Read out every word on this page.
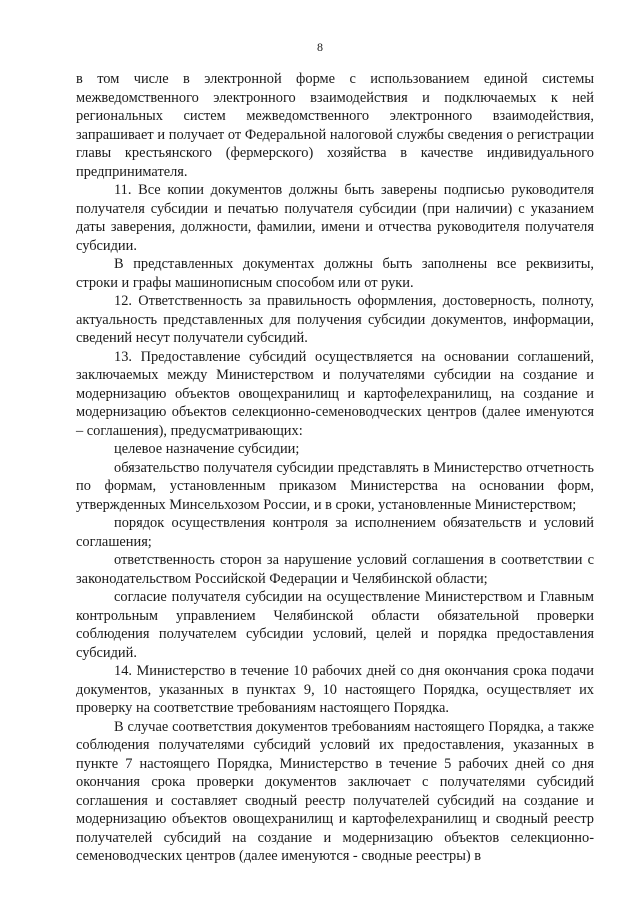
8

в том числе в электронной форме с использованием единой системы межведомственного электронного взаимодействия и подключаемых к ней региональных систем межведомственного электронного взаимодействия, запрашивает и получает от Федеральной налоговой службы сведения о регистрации главы крестьянского (фермерского) хозяйства в качестве индивидуального предпринимателя.

11. Все копии документов должны быть заверены подписью руководителя получателя субсидии и печатью получателя субсидии (при наличии) с указанием даты заверения, должности, фамилии, имени и отчества руководителя получателя субсидии.

В представленных документах должны быть заполнены все реквизиты, строки и графы машинописным способом или от руки.

12. Ответственность за правильность оформления, достоверность, полноту, актуальность представленных для получения субсидии документов, информации, сведений несут получатели субсидий.

13. Предоставление субсидий осуществляется на основании соглашений, заключаемых между Министерством и получателями субсидии на создание и модернизацию объектов овощехранилищ и картофелехранилищ, на создание и модернизацию объектов селекционно-семеноводческих центров (далее именуются – соглашения), предусматривающих:

целевое назначение субсидии;

обязательство получателя субсидии представлять в Министерство отчетность по формам, установленным приказом Министерства на основании форм, утвержденных Минсельхозом России, и в сроки, установленные Министерством;

порядок осуществления контроля за исполнением обязательств и условий соглашения;

ответственность сторон за нарушение условий соглашения в соответствии с законодательством Российской Федерации и Челябинской области;

согласие получателя субсидии на осуществление Министерством и Главным контрольным управлением Челябинской области обязательной проверки соблюдения получателем субсидии условий, целей и порядка предоставления субсидий.

14. Министерство в течение 10 рабочих дней со дня окончания срока подачи документов, указанных в пунктах 9, 10 настоящего Порядка, осуществляет их проверку на соответствие требованиям настоящего Порядка.

В случае соответствия документов требованиям настоящего Порядка, а также соблюдения получателями субсидий условий их предоставления, указанных в пункте 7 настоящего Порядка, Министерство в течение 5 рабочих дней со дня окончания срока проверки документов заключает с получателями субсидий соглашения и составляет сводный реестр получателей субсидий на создание и модернизацию объектов овощехранилищ и картофелехранилищ и сводный реестр получателей субсидий на создание и модернизацию объектов селекционно-семеноводческих центров (далее именуются - сводные реестры) в
